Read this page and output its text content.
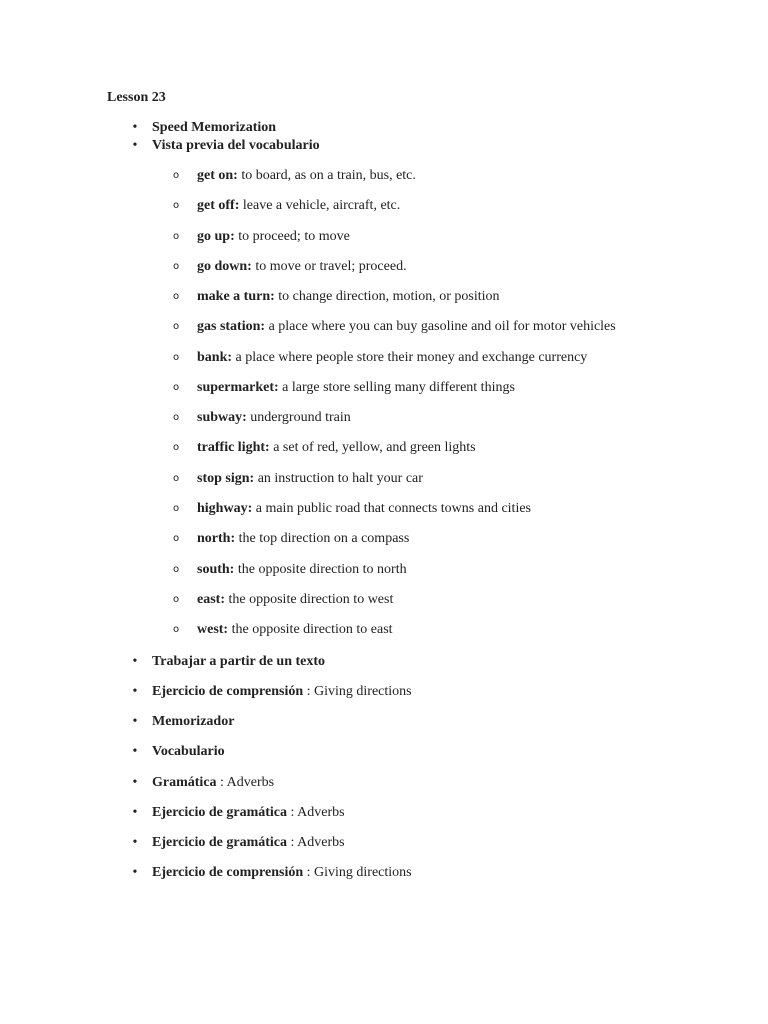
Lesson 23
• Speed Memorization
• Vista previa del vocabulario
o get on: to board, as on a train, bus, etc.
o get off: leave a vehicle, aircraft, etc.
o go up: to proceed; to move
o go down: to move or travel; proceed.
o make a turn: to change direction, motion, or position
o gas station: a place where you can buy gasoline and oil for motor vehicles
o bank: a place where people store their money and exchange currency
o supermarket: a large store selling many different things
o subway: underground train
o traffic light: a set of red, yellow, and green lights
o stop sign: an instruction to halt your car
o highway: a main public road that connects towns and cities
o north: the top direction on a compass
o south: the opposite direction to north
o east: the opposite direction to west
o west: the opposite direction to east
• Trabajar a partir de un texto
• Ejercicio de comprensión : Giving directions
• Memorizador
• Vocabulario
• Gramática : Adverbs
• Ejercicio de gramática : Adverbs
• Ejercicio de gramática : Adverbs
• Ejercicio de comprensión : Giving directions
